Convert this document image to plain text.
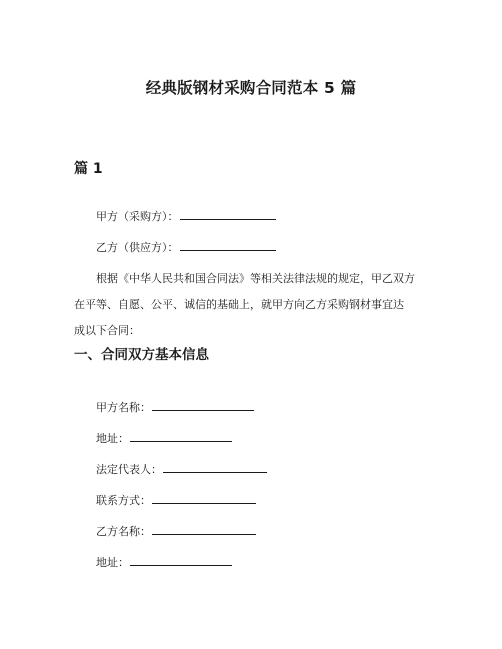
经典版钢材采购合同范本 5 篇
篇 1
甲方（采购方）：
乙方（供应方）：
根据《中华人民共和国合同法》等相关法律法规的规定，甲乙双方
在平等、自愿、公平、诚信的基础上，就甲方向乙方采购钢材事宜达
成以下合同：
一、合同双方基本信息
甲方名称：
地址：
法定代表人：
联系方式：
乙方名称：
地址：
